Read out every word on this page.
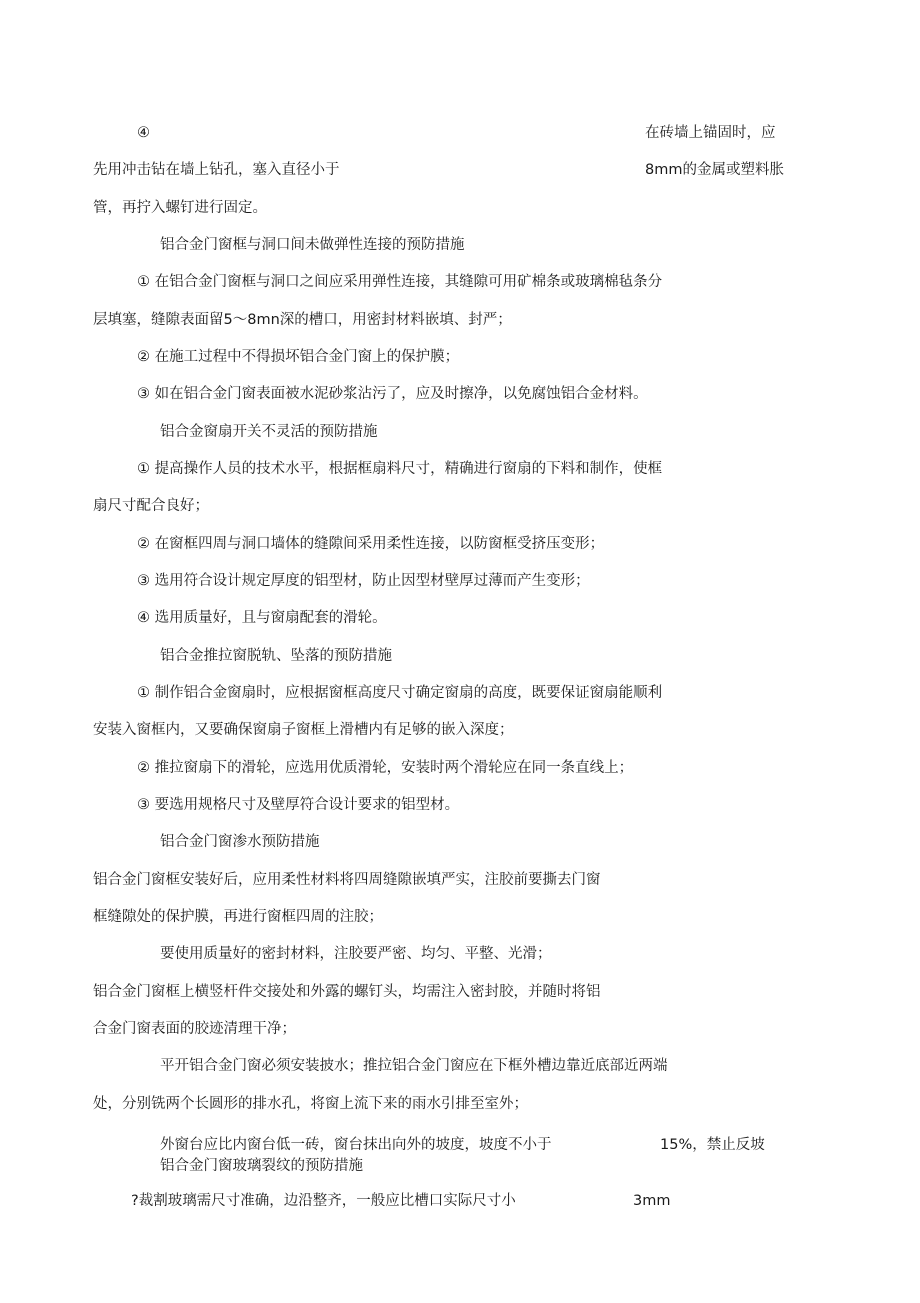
④	在砖墙上锚固时，应
先用冲击钻在墙上钻孔，塞入直径小于	8mm的金属或塑料胀
管，再拧入螺钉进行固定。
铝合金门窗框与洞口间未做弹性连接的预防措施
① 在铝合金门窗框与洞口之间应采用弹性连接，其缝隙可用矿棉条或玻璃棉毡条分
层填塞，缝隙表面留5～8mn深的槽口，用密封材料嵌填、封严；
② 在施工过程中不得损坏铝合金门窗上的保护膜；
③ 如在铝合金门窗表面被水泥砂浆沾污了，应及时擦净，以免腐蚀铝合金材料。
铝合金窗扇开关不灵活的预防措施
① 提高操作人员的技术水平，根据框扇料尺寸，精确进行窗扇的下料和制作，使框
扇尺寸配合良好；
② 在窗框四周与洞口墙体的缝隙间采用柔性连接，以防窗框受挤压变形；
③ 选用符合设计规定厚度的铝型材，防止因型材壁厚过薄而产生变形；
④ 选用质量好，且与窗扇配套的滑轮。
铝合金推拉窗脱轨、坠落的预防措施
① 制作铝合金窗扇时，应根据窗框高度尺寸确定窗扇的高度，既要保证窗扇能顺利
安装入窗框内，又要确保窗扇子窗框上滑槽内有足够的嵌入深度；
② 推拉窗扇下的滑轮，应选用优质滑轮，安装时两个滑轮应在同一条直线上；
③ 要选用规格尺寸及壁厚符合设计要求的铝型材。
铝合金门窗渗水预防措施
铝合金门窗框安装好后，应用柔性材料将四周缝隙嵌填严实，注胶前要撕去门窗
框缝隙处的保护膜，再进行窗框四周的注胶；
要使用质量好的密封材料，注胶要严密、均匀、平整、光滑；
铝合金门窗框上横竖杆件交接处和外露的螺钉头，均需注入密封胶，并随时将铝
合金门窗表面的胶迹清理干净；
平开铝合金门窗必须安装披水；推拉铝合金门窗应在下框外槽边靠近底部近两端
处，分别铣两个长圆形的排水孔，将窗上流下来的雨水引排至室外；
外窗台应比内窗台低一砖，窗台抹出向外的坡度，坡度不小于	15%，禁止反坡
铝合金门窗玻璃裂纹的预防措施
?裁割玻璃需尺寸准确，边沿整齐，一般应比槽口实际尺寸小	3mm
